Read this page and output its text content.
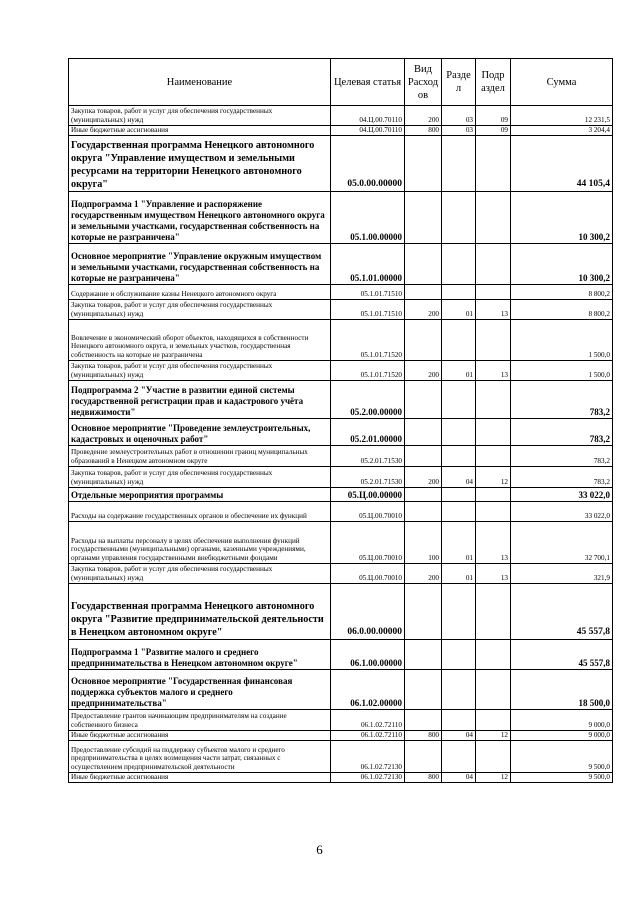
Наименование	Целевая статья	Вид Расход ов	Разде л	Подр аздел	Сумма
Закупка товаров, работ и услуг для обеспечения государственных (муниципальных) нужд	04.Ц.00.70110	200	03	09	12 231,5
Иные бюджетные ассигнования	04.Ц.00.70110	800	03	09	3 204,4
Государственная программа Ненецкого автономного округа "Управление имуществом и земельными ресурсами на территории Ненецкого автономного округа"	05.0.00.00000				44 105,4
Подпрограмма 1 "Управление и распоряжение государственным имуществом Ненецкого автономного округа и земельными участками, государственная собственность на которые не разграничена"	05.1.00.00000				10 300,2
Основное мероприятие "Управление окружным имуществом и земельными участками, государственная собственность на которые не разграничена"	05.1.01.00000				10 300,2
Содержание и обслуживание казны Ненецкого автономного округа	05.1.01.71510				8 800,2
Закупка товаров, работ и услуг для обеспечения государственных (муниципальных) нужд	05.1.01.71510	200	01	13	8 800,2
Вовлечение в экономический оборот объектов, находящихся в собственности Ненецкого автономного округа, и земельных участков, государственная собственность на которые не разграничена	05.1.01.71520				1 500,0
Закупка товаров, работ и услуг для обеспечения государственных (муниципальных) нужд	05.1.01.71520	200	01	13	1 500,0
Подпрограмма 2 "Участие в развитии единой системы государственной регистрации прав и кадастрового учёта недвижимости"	05.2.00.00000				783,2
Основное мероприятие "Проведение землеустроительных, кадастровых и оценочных работ"	05.2.01.00000				783,2
Проведение землеустроительных работ в отношении границ муниципальных образований в Ненецком автономном округе	05.2.01.71530				783,2
Закупка товаров, работ и услуг для обеспечения государственных (муниципальных) нужд	05.2.01.71530	200	04	12	783,2
Отдельные мероприятия программы	05.Ц.00.00000				33 022,0
Расходы на содержание государственных органов и обеспечение их функций	05.Ц.00.70010				33 022,0
Расходы на выплаты персоналу в целях обеспечения выполнения функций государственными (муниципальными) органами, казенными учреждениями, органами управления государственными внебюджетными фондами	05.Ц.00.70010	100	01	13	32 700,1
Закупка товаров, работ и услуг для обеспечения государственных (муниципальных) нужд	05.Ц.00.70010	200	01	13	321,9
Государственная программа Ненецкого автономного округа "Развитие предпринимательской деятельности в Ненецком автономном округе"	06.0.00.00000				45 557,8
Подпрограмма 1 "Развитие малого и среднего предпринимательства в Ненецком автономном округе"	06.1.00.00000				45 557,8
Основное мероприятие "Государственная финансовая поддержка субъектов малого и среднего предпринимательства"	06.1.02.00000				18 500,0
Предоставление грантов начинающим предпринимателям на создание собственного бизнеса	06.1.02.72110				9 000,0
Иные бюджетные ассигнования	06.1.02.72110	800	04	12	9 000,0
Предоставление субсидий на поддержку субъектов малого и среднего предпринимательства в целях возмещения части затрат, связанных с осуществлением предпринимательской деятельности	06.1.02.72130				9 500,0
Иные бюджетные ассигнования	06.1.02.72130	800	04	12	9 500,0
6
